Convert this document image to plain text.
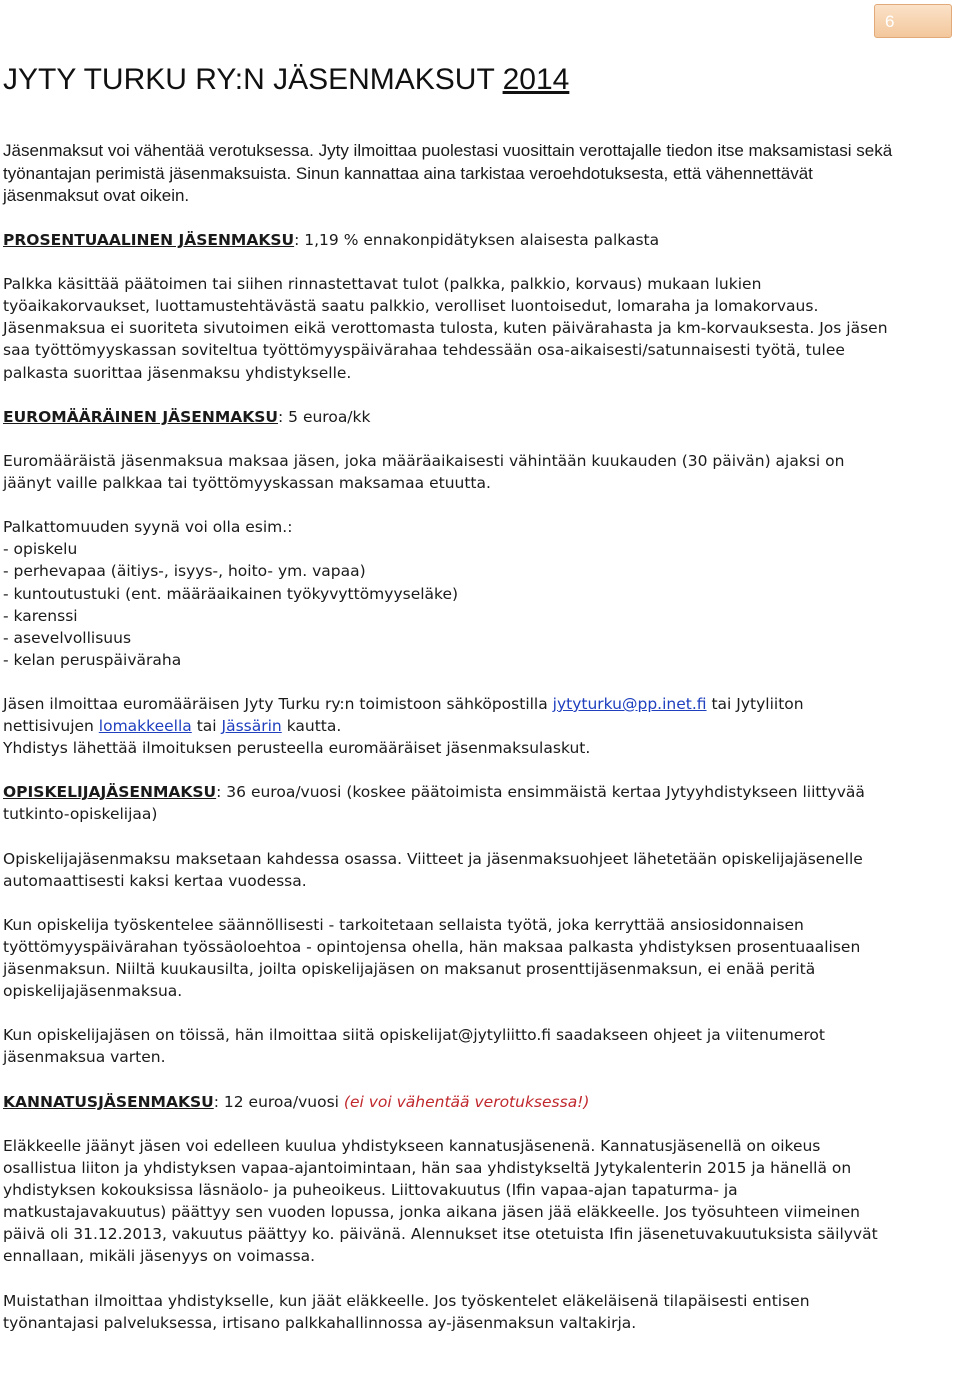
6
JYTY TURKU RY:N JÄSENMAKSUT 2014

Jäsenmaksut voi vähentää verotuksessa. Jyty ilmoittaa puolestasi vuosittain verottajalle tiedon itse maksamistasi sekä työnantajan perimistä jäsenmaksuista. Sinun kannattaa aina tarkistaa veroehdotuksesta, että vähennettävät jäsenmaksut ovat oikein.

PROSENTUAALINEN JÄSENMAKSU: 1,19 % ennakonpidätyksen alaisesta palkasta

Palkka käsittää päätoimen tai siihen rinnastettavat tulot (palkka, palkkio, korvaus) mukaan lukien työaikakorvaukset, luottamustehtävästä saatu palkkio, verolliset luontoisedut, lomaraha ja lomakorvaus. Jäsenmaksua ei suoriteta sivutoimen eikä verottomasta tulosta, kuten päivärahasta ja km-korvauksesta. Jos jäsen saa työttömyyskassan soviteltua työttömyyspäivärahaa tehdessään osa-aikaisesti/satunnaisesti työtä, tulee palkasta suorittaa jäsenmaksu yhdistykselle.

EUROMÄÄRÄINEN JÄSENMAKSU: 5 euroa/kk

Euromääräistä jäsenmaksua maksaa jäsen, joka määräaikaisesti vähintään kuukauden (30 päivän) ajaksi on jäänyt vaille palkkaa tai työttömyyskassan maksamaa etuutta.

Palkattomuuden syynä voi olla esim.:

- opiskelu
- perhevapaa (äitiys-, isyys-, hoito- ym. vapaa)
- kuntoutustuki (ent. määräaikainen työkyvyttömyyseläke)
- karenssi
- asevelvollisuus
- kelan peruspäiväraha

Jäsen ilmoittaa euromääräisen Jyty Turku ry:n toimistoon sähköpostilla jytyturku@pp.inet.fi tai Jytyliiton nettisivujen lomakkeella tai Jässärin kautta.

Yhdistys lähettää ilmoituksen perusteella euromääräiset jäsenmaksulaskut.

OPISKELIJAJÄSENMAKSU: 36 euroa/vuosi (koskee päätoimista ensimmäistä kertaa Jytyyhdistykseen liittyvää tutkinto-opiskelijaa)

Opiskelijajäsenmaksu maksetaan kahdessa osassa. Viitteet ja jäsenmaksuohjeet lähetetään opiskelijajäsenelle automaattisesti kaksi kertaa vuodessa.

Kun opiskelija työskentelee säännöllisesti - tarkoitetaan sellaista työtä, joka kerryttää ansiosidonnaisen työttömyyspäivärahan työssäoloehtoa - opintojensa ohella, hän maksaa palkasta yhdistyksen prosentuaalisen jäsenmaksun. Niiltä kuukausilta, joilta opiskelijajäsen on maksanut prosenttijäsenmaksun, ei enää peritä opiskelijajäsenmaksua.

Kun opiskelijajäsen on töissä, hän ilmoittaa siitä opiskelijat@jytyliitto.fi saadakseen ohjeet ja viitenumerot jäsenmaksua varten.

KANNATUSJÄSENMAKSU: 12 euroa/vuosi (ei voi vähentää verotuksessa!)

Eläkkeelle jäänyt jäsen voi edelleen kuulua yhdistykseen kannatusjäsenenä. Kannatusjäsenellä on oikeus osallistua liiton ja yhdistyksen vapaa-ajantoimintaan, hän saa yhdistykseltä Jytykalenterin 2015 ja hänellä on yhdistyksen kokouksissa läsnäolo- ja puheoikeus. Liittovakuutus (Ifin vapaa-ajan tapaturma- ja matkustajavakuutus) päättyy sen vuoden lopussa, jonka aikana jäsen jää eläkkeelle. Jos työsuhteen viimeinen päivä oli 31.12.2013, vakuutus päättyy ko. päivänä. Alennukset itse otetuista Ifin jäsenetuvakuutuksista säilyvät ennallaan, mikäli jäsenyys on voimassa.

Muistathan ilmoittaa yhdistykselle, kun jäät eläkkeelle. Jos työskentelet eläkeläisenä tilapäisesti entisen työnantajasi palveluksessa, irtisano palkkahallinnossa ay-jäsenmaksun valtakirja.
